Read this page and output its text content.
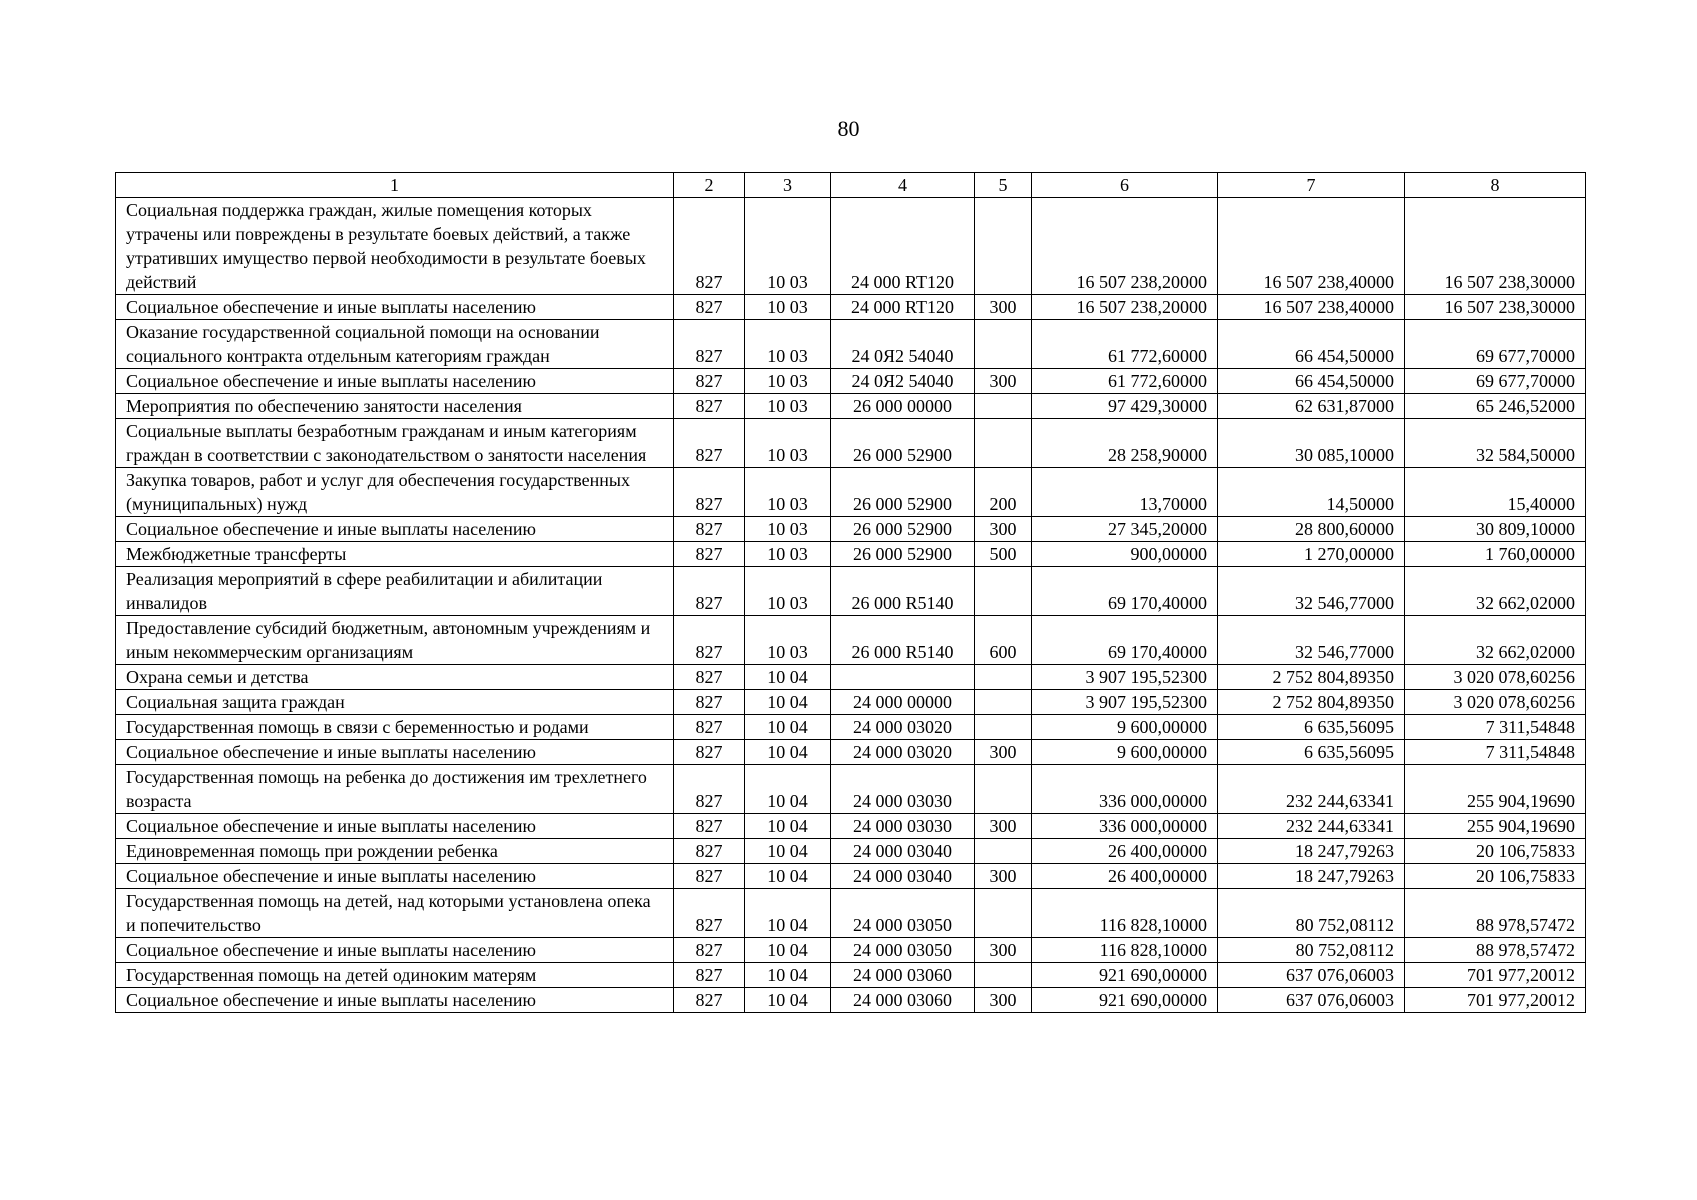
80
1	2	3	4	5	6	7	8
Социальная поддержка граждан, жилые помещения которых утрачены или повреждены в результате боевых действий, а также утративших имущество первой необходимости в результате боевых действий	827	10 03	24 000 RT120		16 507 238,20000	16 507 238,40000	16 507 238,30000
Социальное обеспечение и иные выплаты населению	827	10 03	24 000 RT120	300	16 507 238,20000	16 507 238,40000	16 507 238,30000
Оказание государственной социальной помощи на основании социального контракта отдельным категориям граждан	827	10 03	24 0Я2 54040		61 772,60000	66 454,50000	69 677,70000
Социальное обеспечение и иные выплаты населению	827	10 03	24 0Я2 54040	300	61 772,60000	66 454,50000	69 677,70000
Мероприятия по обеспечению занятости населения	827	10 03	26 000 00000		97 429,30000	62 631,87000	65 246,52000
Социальные выплаты безработным гражданам и иным категориям граждан в соответствии с законодательством о занятости населения	827	10 03	26 000 52900		28 258,90000	30 085,10000	32 584,50000
Закупка товаров, работ и услуг для обеспечения государственных (муниципальных) нужд	827	10 03	26 000 52900	200	13,70000	14,50000	15,40000
Социальное обеспечение и иные выплаты населению	827	10 03	26 000 52900	300	27 345,20000	28 800,60000	30 809,10000
Межбюджетные трансферты	827	10 03	26 000 52900	500	900,00000	1 270,00000	1 760,00000
Реализация мероприятий в сфере реабилитации и абилитации инвалидов	827	10 03	26 000 R5140		69 170,40000	32 546,77000	32 662,02000
Предоставление субсидий бюджетным, автономным учреждениям и иным некоммерческим организациям	827	10 03	26 000 R5140	600	69 170,40000	32 546,77000	32 662,02000
Охрана семьи и детства	827	10 04			3 907 195,52300	2 752 804,89350	3 020 078,60256
Социальная защита граждан	827	10 04	24 000 00000		3 907 195,52300	2 752 804,89350	3 020 078,60256
Государственная помощь в связи с беременностью и родами	827	10 04	24 000 03020		9 600,00000	6 635,56095	7 311,54848
Социальное обеспечение и иные выплаты населению	827	10 04	24 000 03020	300	9 600,00000	6 635,56095	7 311,54848
Государственная помощь на ребенка до достижения им трехлетнего возраста	827	10 04	24 000 03030		336 000,00000	232 244,63341	255 904,19690
Социальное обеспечение и иные выплаты населению	827	10 04	24 000 03030	300	336 000,00000	232 244,63341	255 904,19690
Единовременная помощь при рождении ребенка	827	10 04	24 000 03040		26 400,00000	18 247,79263	20 106,75833
Социальное обеспечение и иные выплаты населению	827	10 04	24 000 03040	300	26 400,00000	18 247,79263	20 106,75833
Государственная помощь на детей, над которыми установлена опека и попечительство	827	10 04	24 000 03050		116 828,10000	80 752,08112	88 978,57472
Социальное обеспечение и иные выплаты населению	827	10 04	24 000 03050	300	116 828,10000	80 752,08112	88 978,57472
Государственная помощь на детей одиноким матерям	827	10 04	24 000 03060		921 690,00000	637 076,06003	701 977,20012
Социальное обеспечение и иные выплаты населению	827	10 04	24 000 03060	300	921 690,00000	637 076,06003	701 977,20012
